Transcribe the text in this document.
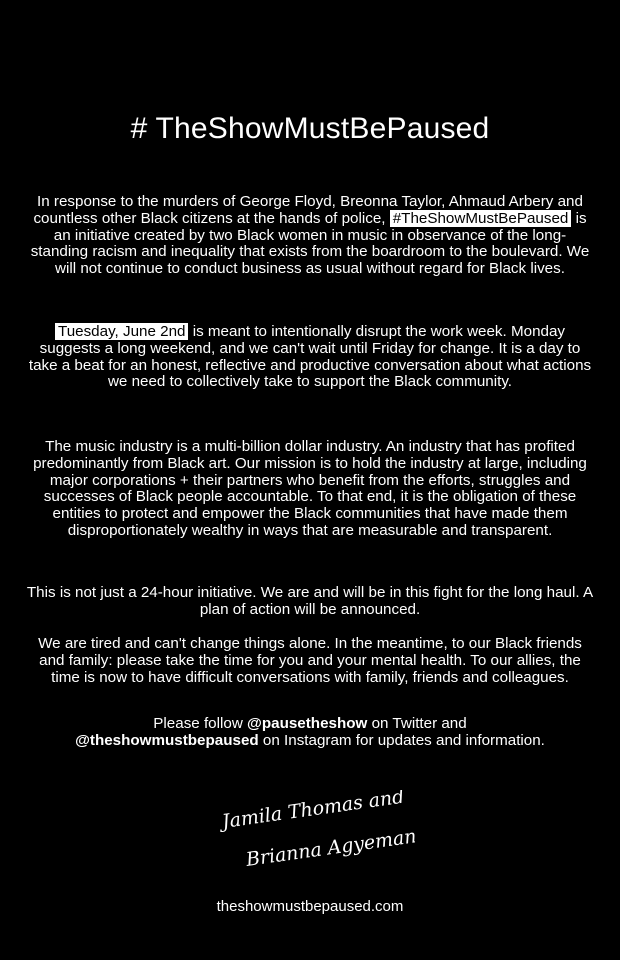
# TheShowMustBePaused

In response to the murders of George Floyd, Breonna Taylor, Ahmaud Arbery and countless other Black citizens at the hands of police, #TheShowMustBePaused is an initiative created by two Black women in music in observance of the long-standing racism and inequality that exists from the boardroom to the boulevard. We will not continue to conduct business as usual without regard for Black lives.

Tuesday, June 2nd is meant to intentionally disrupt the work week. Monday suggests a long weekend, and we can't wait until Friday for change. It is a day to take a beat for an honest, reflective and productive conversation about what actions we need to collectively take to support the Black community.

The music industry is a multi-billion dollar industry. An industry that has profited predominantly from Black art. Our mission is to hold the industry at large, including major corporations + their partners who benefit from the efforts, struggles and successes of Black people accountable. To that end, it is the obligation of these entities to protect and empower the Black communities that have made them disproportionately wealthy in ways that are measurable and transparent.

This is not just a 24-hour initiative. We are and will be in this fight for the long haul. A plan of action will be announced.

We are tired and can't change things alone. In the meantime, to our Black friends and family: please take the time for you and your mental health. To our allies, the time is now to have difficult conversations with family, friends and colleagues.

Please follow @pausetheshow on Twitter and
@theshowmustbepaused on Instagram for updates and information.

Jamila Thomas and
Brianna Agyemang

theshowmustbepaused.com
